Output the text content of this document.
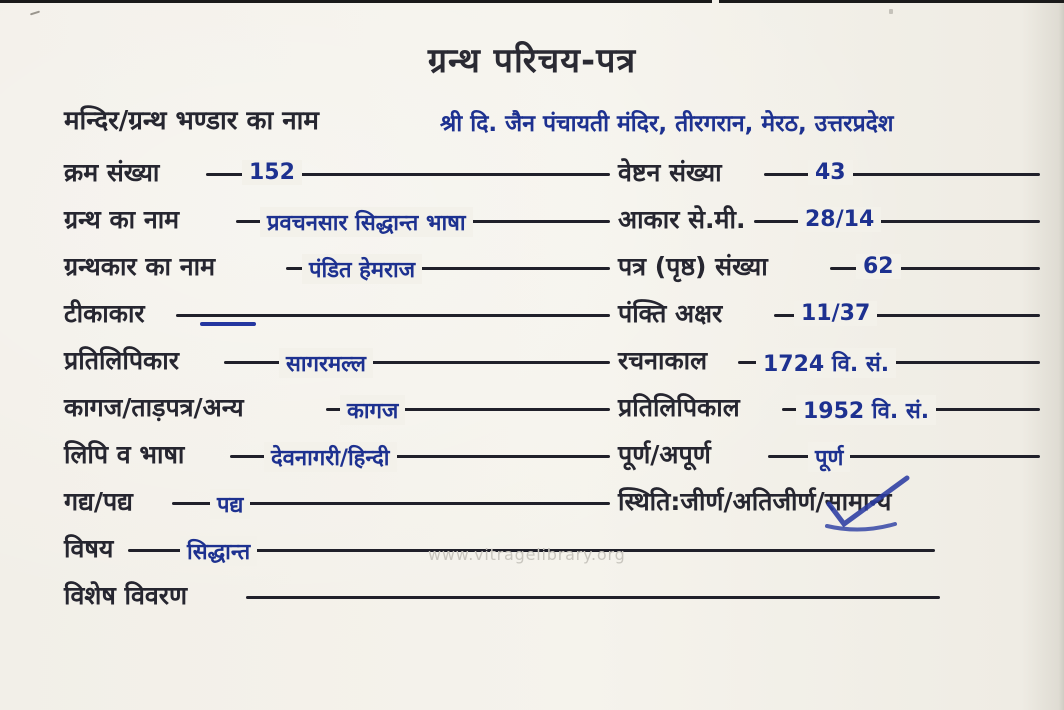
ग्रन्थ परिचय-पत्र
मन्दिर/ग्रन्थ भण्डार का नाम	श्री दि. जैन पंचायती मंदिर, तीरगरान, मेरठ, उत्तरप्रदेश
क्रम संख्या	152
ग्रन्थ का नाम	प्रवचनसार सिद्धान्त भाषा
ग्रन्थकार का नाम	पंडित हेमराज
टीकाकार
प्रतिलिपिकार	सागरमल्ल
कागज/ताड़पत्र/अन्य	कागज
लिपि व भाषा	देवनागरी/हिन्दी
गद्य/पद्य	पद्य
वेष्टन संख्या	43
आकार से.मी.	28/14
पत्र (पृष्ठ) संख्या	62
पंक्ति अक्षर	11/37
रचनाकाल	1724 वि. सं.
प्रतिलिपिकाल	1952 वि. सं.
पूर्ण/अपूर्ण	पूर्ण
स्थिति:जीर्ण/अतिजीर्ण/सामान्य
विषय	सिद्धान्त
विशेष विवरण
www.vitragelibrary.org
